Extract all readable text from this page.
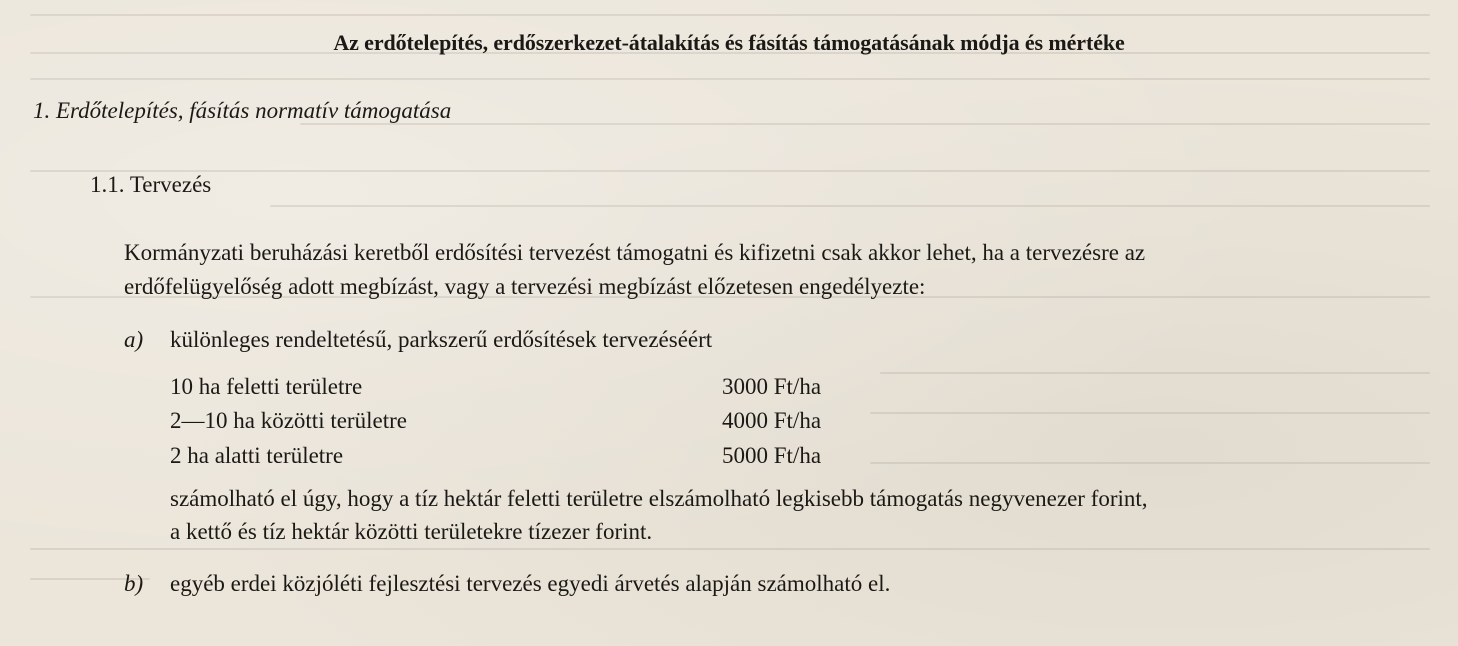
Az erdőtelepítés, erdőszerkezet-átalakítás és fásítás támogatásának módja és mértéke
1. Erdőtelepítés, fásítás normatív támogatása
1.1. Tervezés
Kormányzati beruházási keretből erdősítési tervezést támogatni és kifizetni csak akkor lehet, ha a tervezésre az
erdőfelügyelőség adott megbízást, vagy a tervezési megbízást előzetesen engedélyezte:
a) különleges rendeltetésű, parkszerű erdősítések tervezéséért
10 ha feletti területre	3000 Ft/ha
2—10 ha közötti területre	4000 Ft/ha
2 ha alatti területre	5000 Ft/ha
számolható el úgy, hogy a tíz hektár feletti területre elszámolható legkisebb támogatás negyvenezer forint,
a kettő és tíz hektár közötti területekre tízezer forint.
b) egyéb erdei közjóléti fejlesztési tervezés egyedi árvetés alapján számolható el.
